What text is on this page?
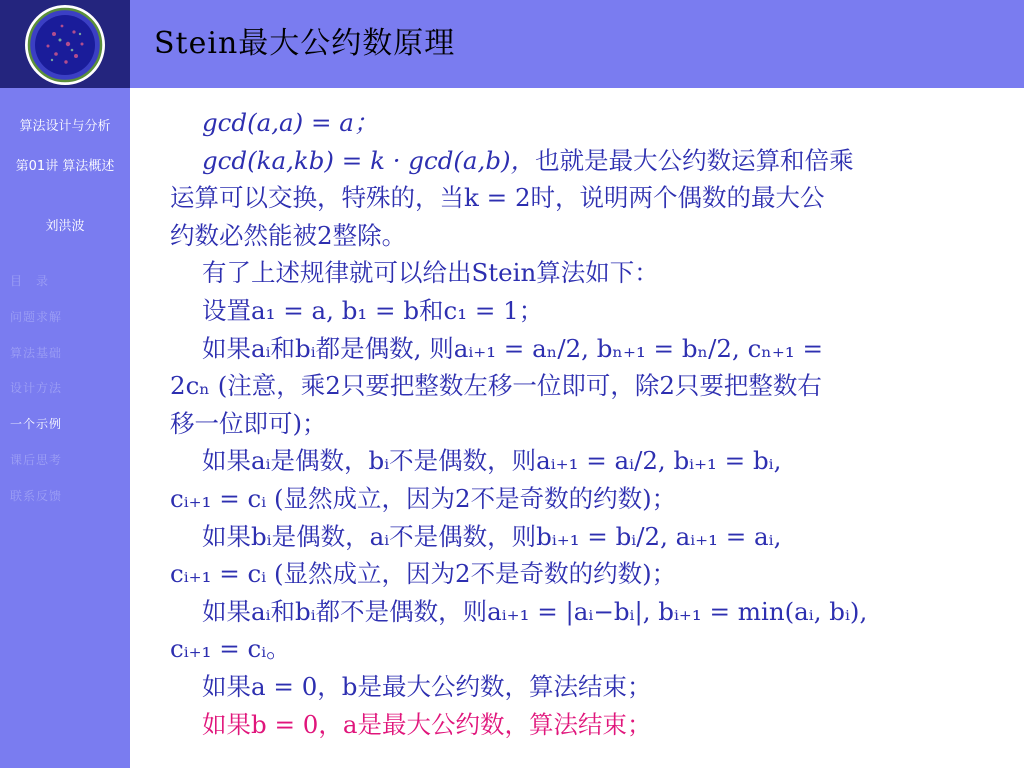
Stein最大公约数原理
算法设计与分析
第01讲 算法概述
刘洪波
目　录
问题求解
算法基础
设计方法
一个示例
课后思考
联系反馈
gcd(a,a) = a；
gcd(ka,kb) = k · gcd(a,b)，也就是最大公约数运算和倍乘
运算可以交换，特殊的，当k = 2时，说明两个偶数的最大公
约数必然能被2整除。
有了上述规律就可以给出Stein算法如下：
设置a₁ = a, b₁ = b和c₁ = 1；
如果aᵢ和bᵢ都是偶数, 则aᵢ₊₁ = aₙ/2, bₙ₊₁ = bₙ/2, cₙ₊₁ =
2cₙ (注意，乘2只要把整数左移一位即可，除2只要把整数右
移一位即可)；
如果aᵢ是偶数，bᵢ不是偶数，则aᵢ₊₁ = aᵢ/2, bᵢ₊₁ = bᵢ,
cᵢ₊₁ = cᵢ (显然成立，因为2不是奇数的约数)；
如果bᵢ是偶数，aᵢ不是偶数，则bᵢ₊₁ = bᵢ/2, aᵢ₊₁ = aᵢ,
cᵢ₊₁ = cᵢ (显然成立，因为2不是奇数的约数)；
如果aᵢ和bᵢ都不是偶数，则aᵢ₊₁ = |aᵢ−bᵢ|, bᵢ₊₁ = min(aᵢ, bᵢ),
cᵢ₊₁ = cᵢ。
如果a = 0，b是最大公约数，算法结束；
如果b = 0，a是最大公约数，算法结束；
